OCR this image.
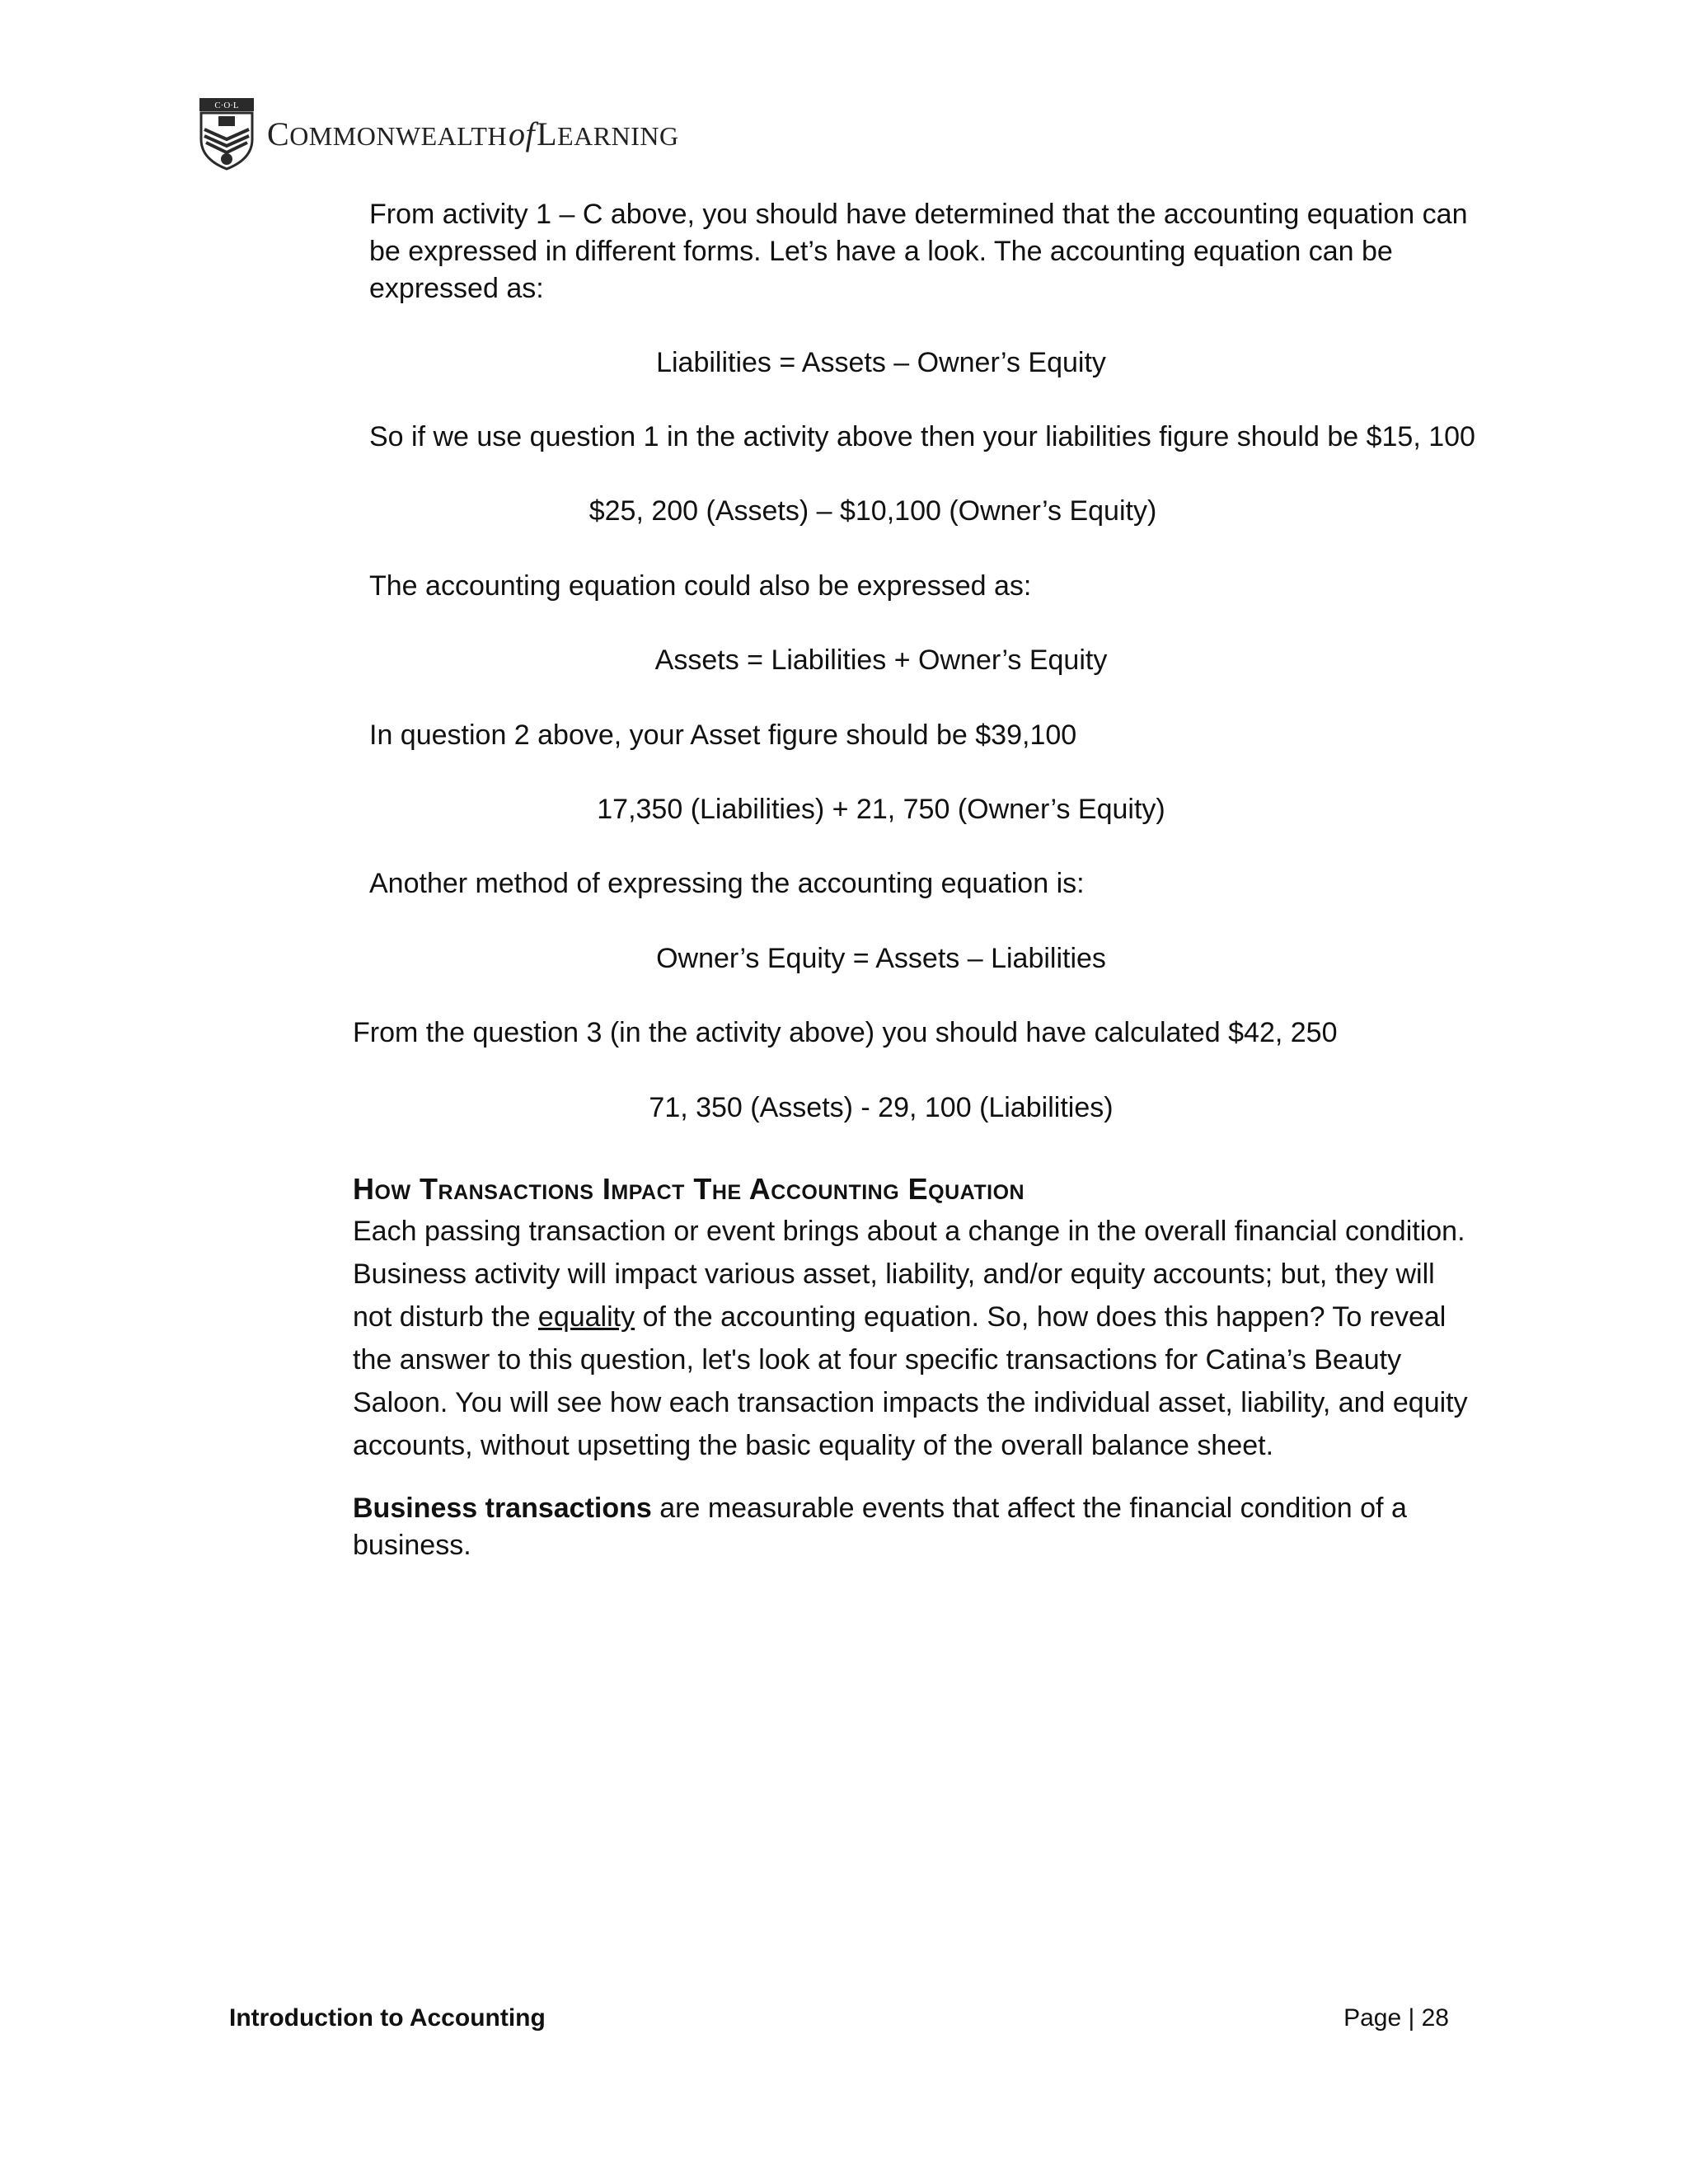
C·O·L
COMMONWEALTHofLEARNING
From activity 1 – C above, you should have determined that the accounting equation can
be expressed in different forms. Let’s have a look. The accounting equation can be
expressed as:
Liabilities = Assets – Owner’s Equity
So if we use question 1 in the activity above then your liabilities figure should be $15, 100
$25, 200 (Assets) – $10,100 (Owner’s Equity)
The accounting equation could also be expressed as:
Assets = Liabilities + Owner’s Equity
In question 2 above, your Asset figure should be $39,100
17,350 (Liabilities) + 21, 750 (Owner’s Equity)
Another method of expressing the accounting equation is:
Owner’s Equity = Assets – Liabilities
From the question 3 (in the activity above) you should have calculated $42, 250
71, 350 (Assets) - 29, 100 (Liabilities)
How Transactions Impact The Accounting Equation
Each passing transaction or event brings about a change in the overall financial condition. Business activity will impact various asset, liability, and/or equity accounts; but, they will not disturb the equality of the accounting equation. So, how does this happen? To reveal the answer to this question, let's look at four specific transactions for Catina’s Beauty Saloon. You will see how each transaction impacts the individual asset, liability, and equity accounts, without upsetting the basic equality of the overall balance sheet.
Business transactions are measurable events that affect the financial condition of a business.
Introduction to Accounting	Page | 28
